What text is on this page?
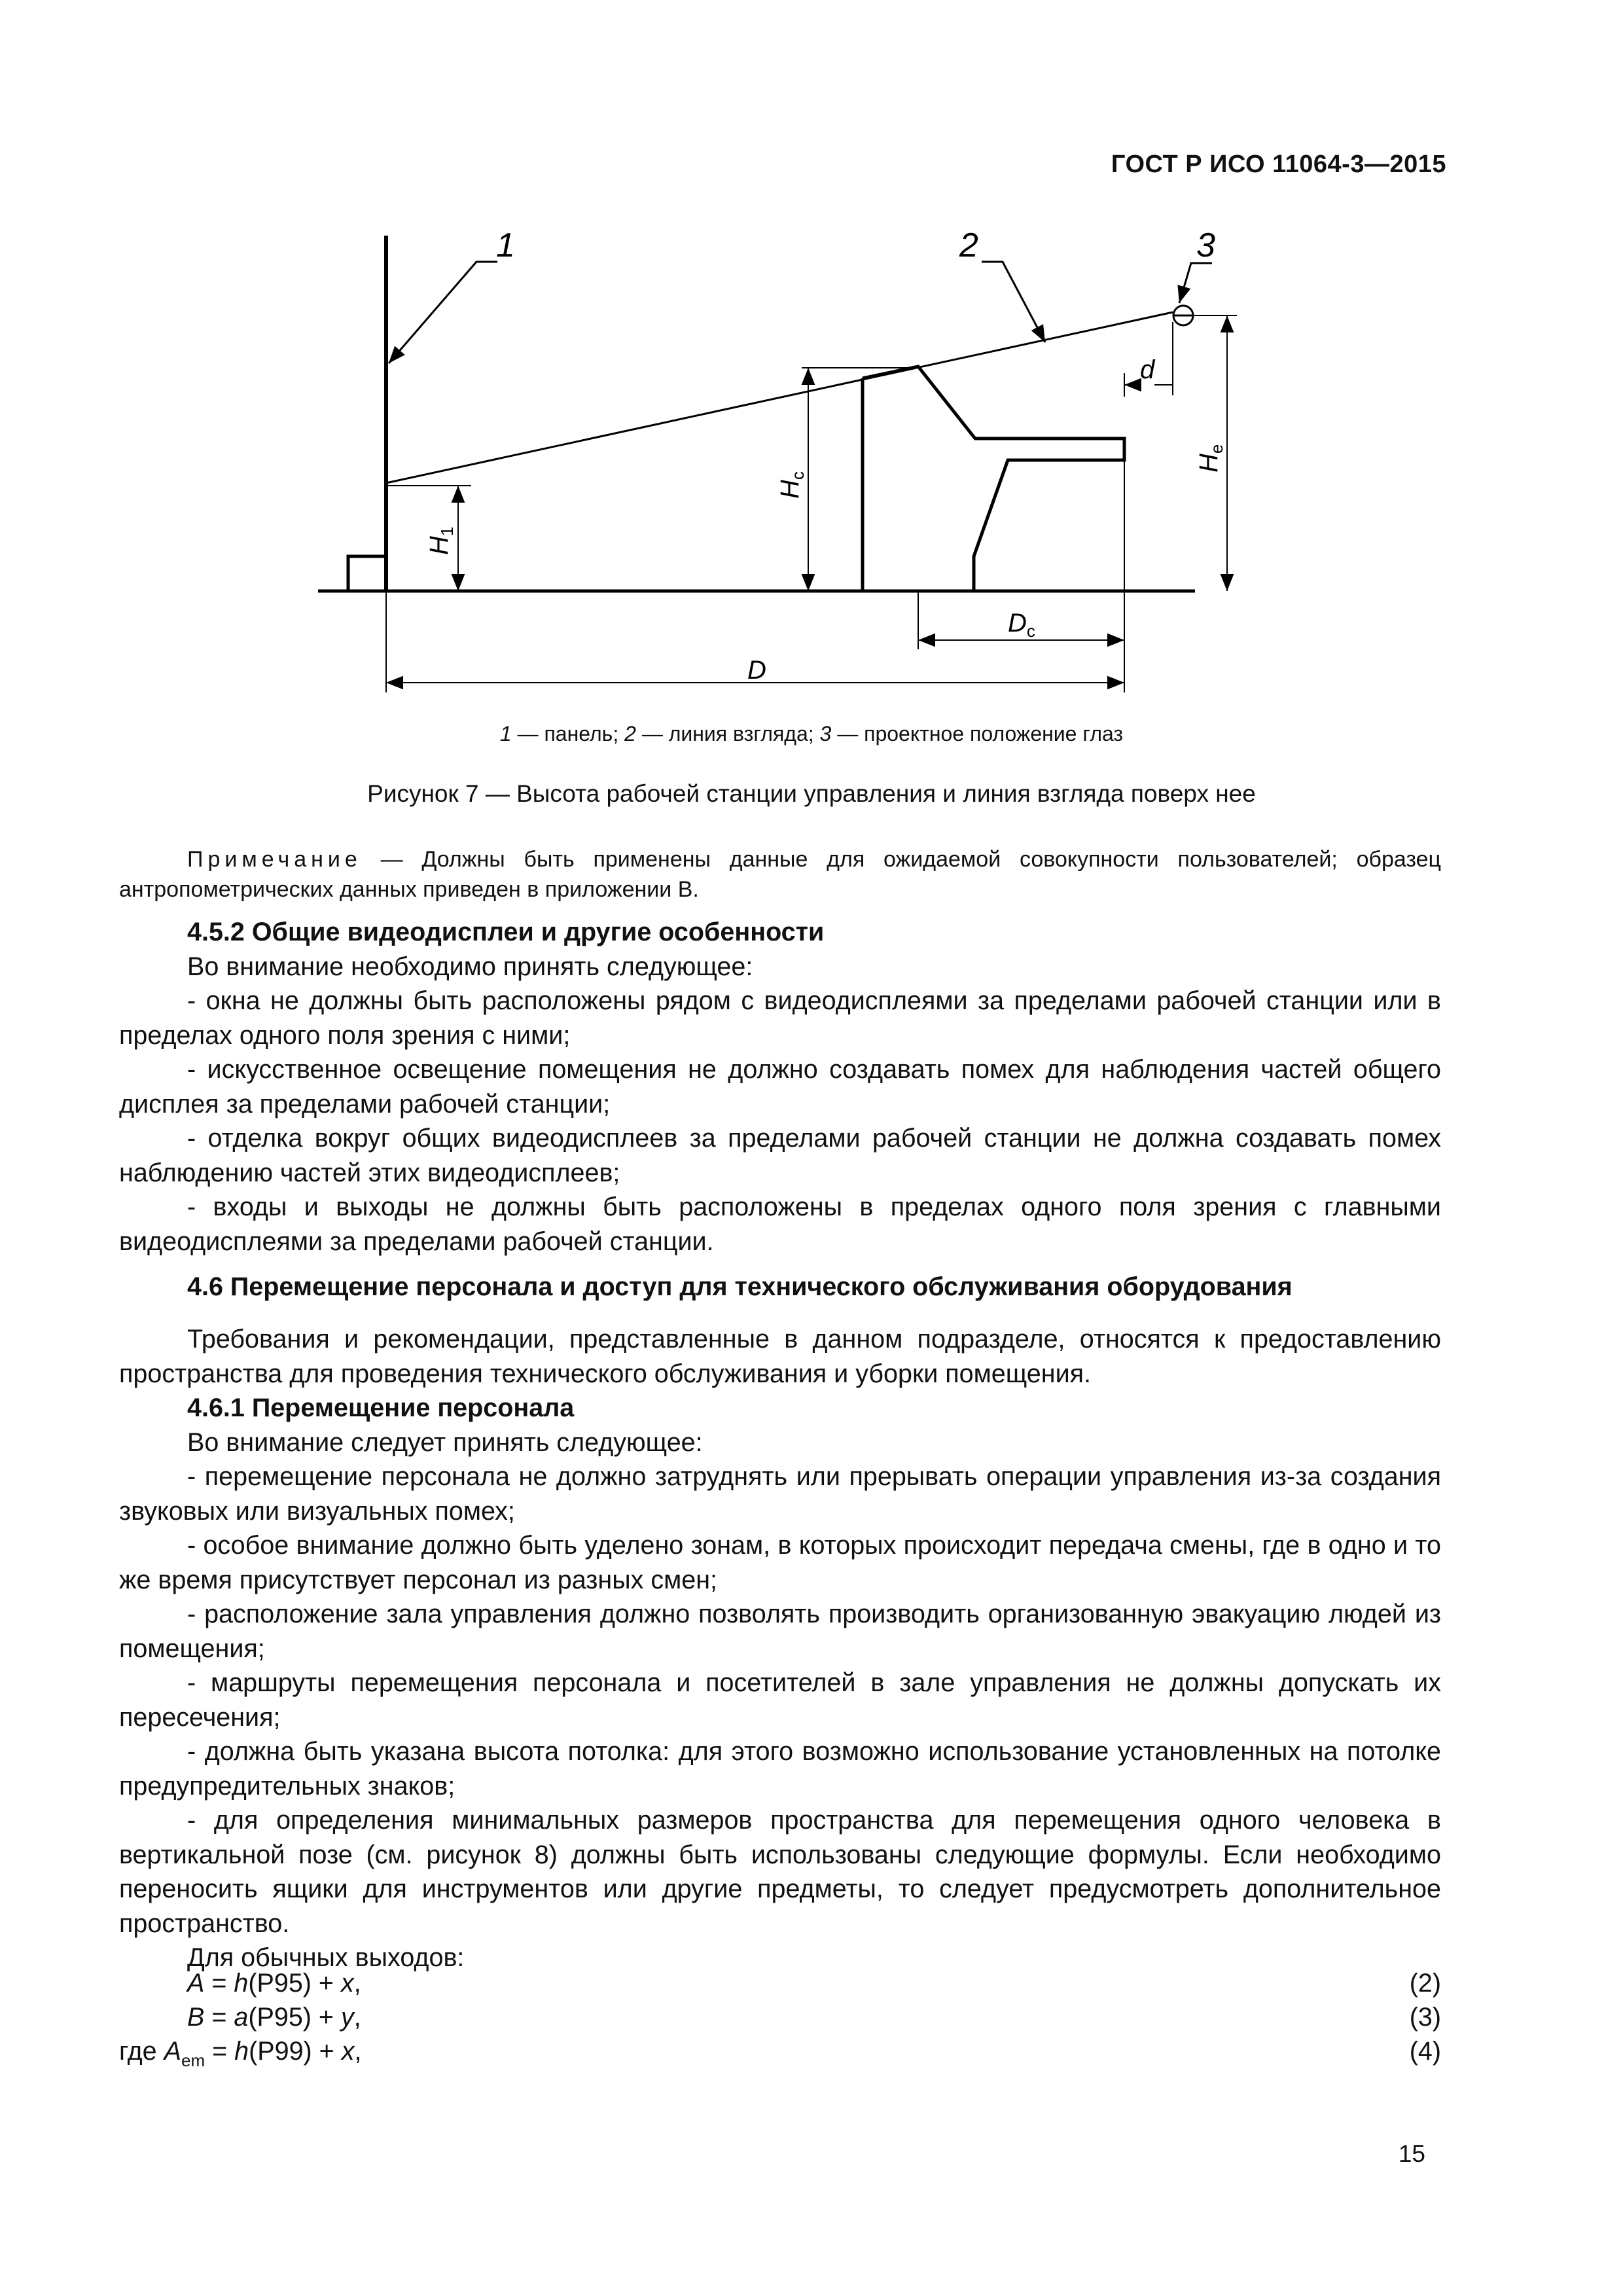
ГОСТ Р ИСО 11064-3—2015
1	2	3
d
$D_c$
D
$H_1$
$H_c$
$H_e$
1 — панель; 2 — линия взгляда; 3 — проектное положение глаз
Рисунок 7 — Высота рабочей станции управления и линия взгляда поверх нее

Примечание — Должны быть применены данные для ожидаемой совокупности пользователей; образец антропометрических данных приведен в приложении В.

4.5.2 Общие видеодисплеи и другие особенности

Во внимание необходимо принять следующее:

- окна не должны быть расположены рядом с видеодисплеями за пределами рабочей станции или в пределах одного поля зрения с ними;

- искусственное освещение помещения не должно создавать помех для наблюдения частей общего дисплея за пределами рабочей станции;

- отделка вокруг общих видеодисплеев за пределами рабочей станции не должна создавать помех наблюдению частей этих видеодисплеев;

- входы и выходы не должны быть расположены в пределах одного поля зрения с главными видеодисплеями за пределами рабочей станции.

4.6 Перемещение персонала и доступ для технического обслуживания оборудования

Требования и рекомендации, представленные в данном подразделе, относятся к предоставлению пространства для проведения технического обслуживания и уборки помещения.

4.6.1 Перемещение персонала

Во внимание следует принять следующее:

- перемещение персонала не должно затруднять или прерывать операции управления из-за создания звуковых или визуальных помех;

- особое внимание должно быть уделено зонам, в которых происходит передача смены, где в одно и то же время присутствует персонал из разных смен;

- расположение зала управления должно позволять производить организованную эвакуацию людей из помещения;

- маршруты перемещения персонала и посетителей в зале управления не должны допускать их пересечения;

- должна быть указана высота потолка: для этого возможно использование установленных на потолке предупредительных знаков;

- для определения минимальных размеров пространства для перемещения одного человека в вертикальной позе (см. рисунок 8) должны быть использованы следующие формулы. Если необходимо переносить ящики для инструментов или другие предметы, то следует предусмотреть дополнительное пространство.

Для обычных выходов:

A = h(P95) + x,	(2)
B = a(P95) + y,	(3)
где $A_{em} = h(P99) + x$,	(4)
15
